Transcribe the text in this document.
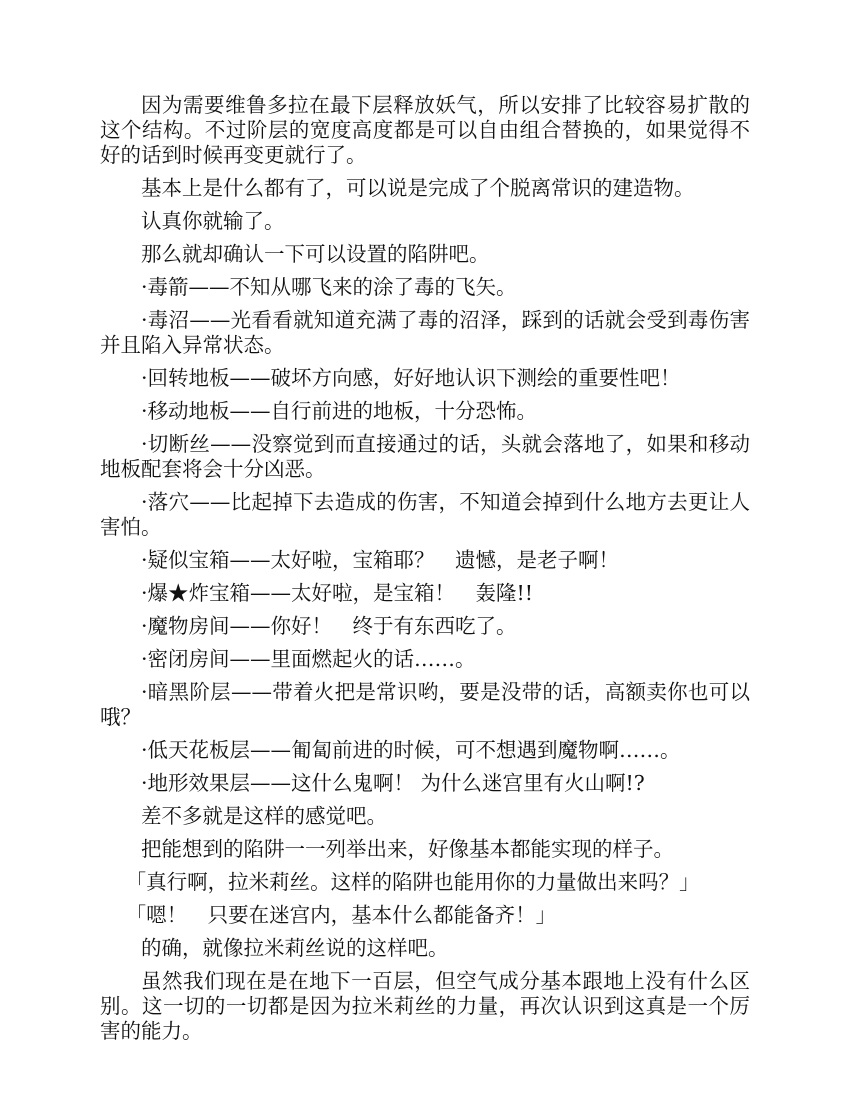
因为需要维鲁多拉在最下层释放妖气，所以安排了比较容易扩散的这个结构。不过阶层的宽度高度都是可以自由组合替换的，如果觉得不好的话到时候再变更就行了。

基本上是什么都有了，可以说是完成了个脱离常识的建造物。

认真你就输了。

那么就却确认一下可以设置的陷阱吧。

·毒箭——不知从哪飞来的涂了毒的飞矢。

·毒沼——光看看就知道充满了毒的沼泽，踩到的话就会受到毒伤害并且陷入异常状态。

·回转地板——破坏方向感，好好地认识下测绘的重要性吧！

·移动地板——自行前进的地板，十分恐怖。

·切断丝——没察觉到而直接通过的话，头就会落地了，如果和移动地板配套将会十分凶恶。

·落穴——比起掉下去造成的伤害，不知道会掉到什么地方去更让人害怕。

·疑似宝箱——太好啦，宝箱耶？　遗憾，是老子啊！

·爆★炸宝箱——太好啦，是宝箱！　轰隆!!

·魔物房间——你好！　终于有东西吃了。

·密闭房间——里面燃起火的话……。

·暗黑阶层——带着火把是常识哟，要是没带的话，高额卖你也可以哦？

·低天花板层——匍匐前进的时候，可不想遇到魔物啊……。

·地形效果层——这什么鬼啊！ 为什么迷宫里有火山啊!?

差不多就是这样的感觉吧。

把能想到的陷阱一一列举出来，好像基本都能实现的样子。

「真行啊，拉米莉丝。这样的陷阱也能用你的力量做出来吗？」

「嗯！　只要在迷宫内，基本什么都能备齐！」

的确，就像拉米莉丝说的这样吧。

虽然我们现在是在地下一百层，但空气成分基本跟地上没有什么区别。这一切的一切都是因为拉米莉丝的力量，再次认识到这真是一个厉害的能力。
